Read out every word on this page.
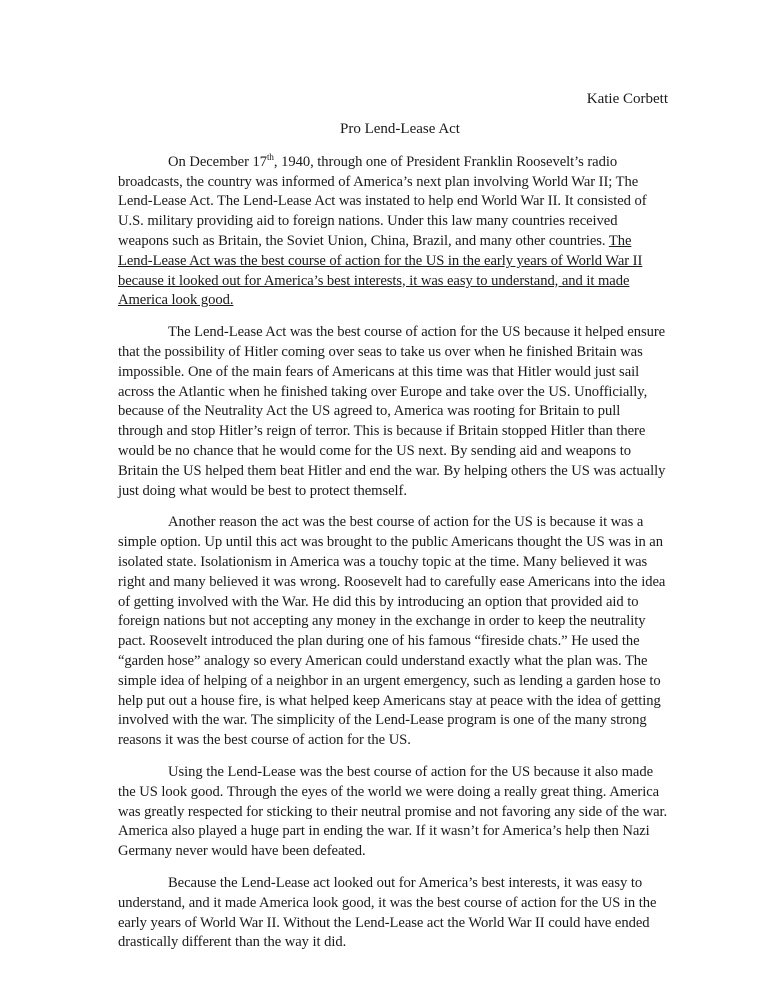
Katie Corbett

Pro Lend-Lease Act

On December 17th, 1940, through one of President Franklin Roosevelt’s radio broadcasts, the country was informed of America’s next plan involving World War II; The Lend-Lease Act. The Lend-Lease Act was instated to help end World War II. It consisted of U.S. military providing aid to foreign nations. Under this law many countries received weapons such as Britain, the Soviet Union, China, Brazil, and many other countries. The Lend-Lease Act was the best course of action for the US in the early years of World War II because it looked out for America’s best interests, it was easy to understand, and it made America look good.

The Lend-Lease Act was the best course of action for the US because it helped ensure that the possibility of Hitler coming over seas to take us over when he finished Britain was impossible. One of the main fears of Americans at this time was that Hitler would just sail across the Atlantic when he finished taking over Europe and take over the US. Unofficially, because of the Neutrality Act the US agreed to, America was rooting for Britain to pull through and stop Hitler’s reign of terror. This is because if Britain stopped Hitler than there would be no chance that he would come for the US next. By sending aid and weapons to Britain the US helped them beat Hitler and end the war. By helping others the US was actually just doing what would be best to protect themself.

Another reason the act was the best course of action for the US is because it was a simple option. Up until this act was brought to the public Americans thought the US was in an isolated state. Isolationism in America was a touchy topic at the time. Many believed it was right and many believed it was wrong. Roosevelt had to carefully ease Americans into the idea of getting involved with the War. He did this by introducing an option that provided aid to foreign nations but not accepting any money in the exchange in order to keep the neutrality pact. Roosevelt introduced the plan during one of his famous “fireside chats.” He used the “garden hose” analogy so every American could understand exactly what the plan was. The simple idea of helping of a neighbor in an urgent emergency, such as lending a garden hose to help put out a house fire, is what helped keep Americans stay at peace with the idea of getting involved with the war. The simplicity of the Lend-Lease program is one of the many strong reasons it was the best course of action for the US.

Using the Lend-Lease was the best course of action for the US because it also made the US look good. Through the eyes of the world we were doing a really great thing. America was greatly respected for sticking to their neutral promise and not favoring any side of the war. America also played a huge part in ending the war. If it wasn’t for America’s help then Nazi Germany never would have been defeated.

Because the Lend-Lease act looked out for America’s best interests, it was easy to understand, and it made America look good, it was the best course of action for the US in the early years of World War II. Without the Lend-Lease act the World War II could have ended drastically different than the way it did.
